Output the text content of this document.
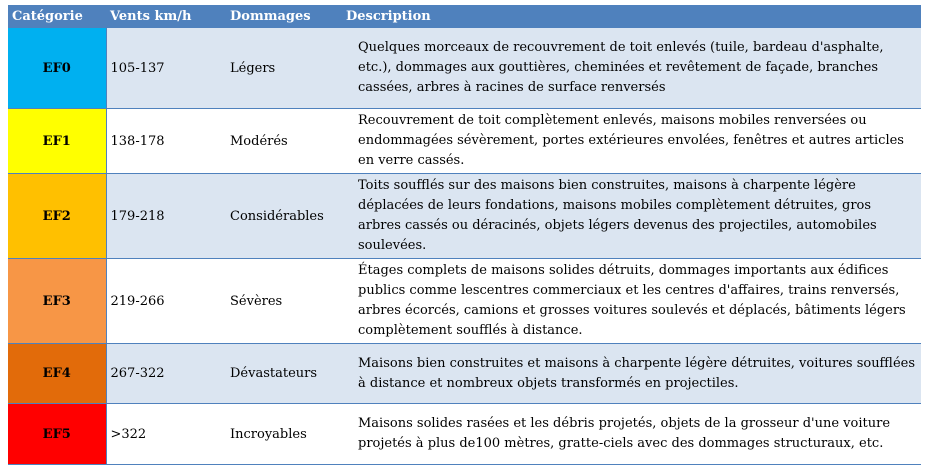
Catégorie	Vents km/h	Dommages	Description
EF0	105-137	Légers	Quelques morceaux de recouvrement de toit enlevés (tuile, bardeau d'asphalte, etc.), dommages aux gouttières, cheminées et revêtement de façade, branches cassées, arbres à racines de surface renversés
EF1	138-178	Modérés	Recouvrement de toit complètement enlevés, maisons mobiles renversées ou endommagées sévèrement, portes extérieures envolées, fenêtres et autres articles en verre cassés.
EF2	179-218	Considérables	Toits soufflés sur des maisons bien construites, maisons à charpente légère déplacées de leurs fondations, maisons mobiles complètement détruites, gros arbres cassés ou déracinés, objets légers devenus des projectiles, automobiles soulevées.
EF3	219-266	Sévères	Étages complets de maisons solides détruits, dommages importants aux édifices publics comme lescentres commerciaux et les centres d'affaires, trains renversés, arbres écorcés, camions et grosses voitures soulevés et déplacés, bâtiments légers complètement soufflés à distance.
EF4	267-322	Dévastateurs	Maisons bien construites et maisons à charpente légère détruites, voitures soufflées à distance et nombreux objets transformés en projectiles.
EF5	>322	Incroyables	Maisons solides rasées et les débris projetés, objets de la grosseur d'une voiture projetés à plus de100 mètres, gratte-ciels avec des dommages structuraux, etc.
